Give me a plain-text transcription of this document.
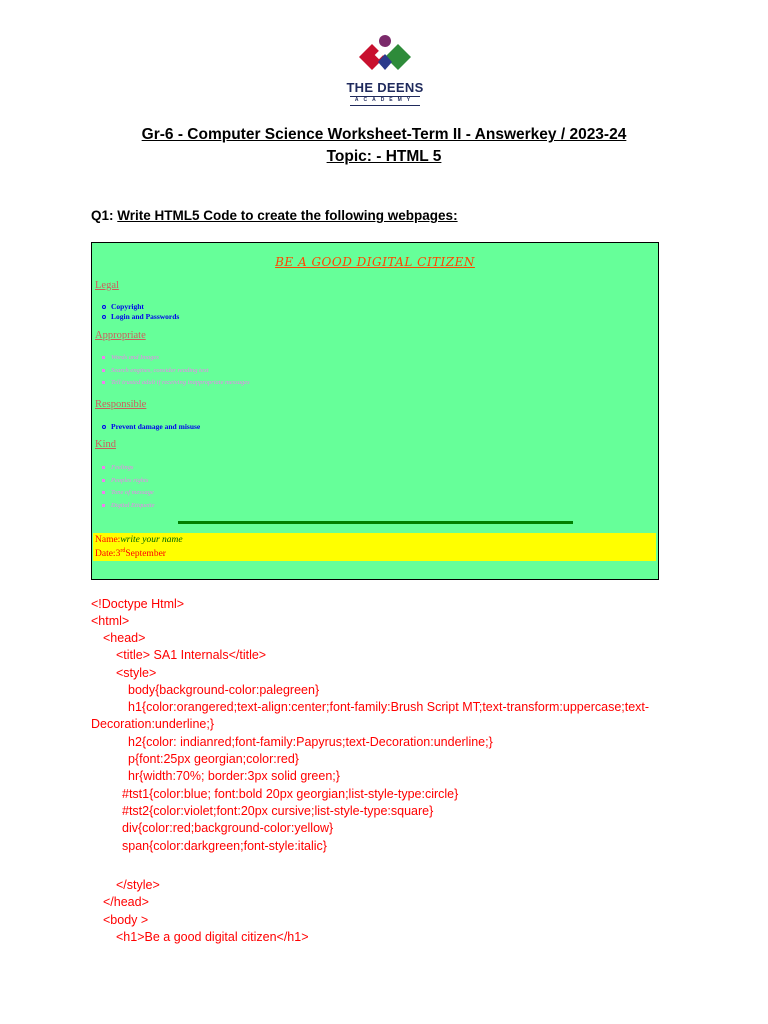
THE DEENS
ACADEMY
Gr-6 - Computer Science Worksheet-Term II - Answerkey / 2023-24
Topic: - HTML 5
Q1: Write HTML5 Code to create the following webpages:
BE A GOOD DIGITAL CITIZEN
Legal
Copyright
Login and Passwords
Appropriate
Words and Images
Search engines, consider reading text
Tell trusted adult if receiving inappropriate messages
Responsible
Prevent damage and misuse
Kind
Feelings
Peoples rights
Tone of message
Digital Etiquette
Name:write your name
Date:3rdSeptember
<!Doctype Html>
<html>
<head>
<title> SA1 Internals</title>
<style>
body{background-color:palegreen}
h1{color:orangered;text-align:center;font-family:Brush Script MT;text-transform:uppercase;text-
Decoration:underline;}
h2{color: indianred;font-family:Papyrus;text-Decoration:underline;}
p{font:25px georgian;color:red}
hr{width:70%; border:3px solid green;}
#tst1{color:blue; font:bold 20px georgian;list-style-type:circle}
#tst2{color:violet;font:20px cursive;list-style-type:square}
div{color:red;background-color:yellow}
span{color:darkgreen;font-style:italic}
</style>
</head>
<body >
<h1>Be a good digital citizen</h1>
